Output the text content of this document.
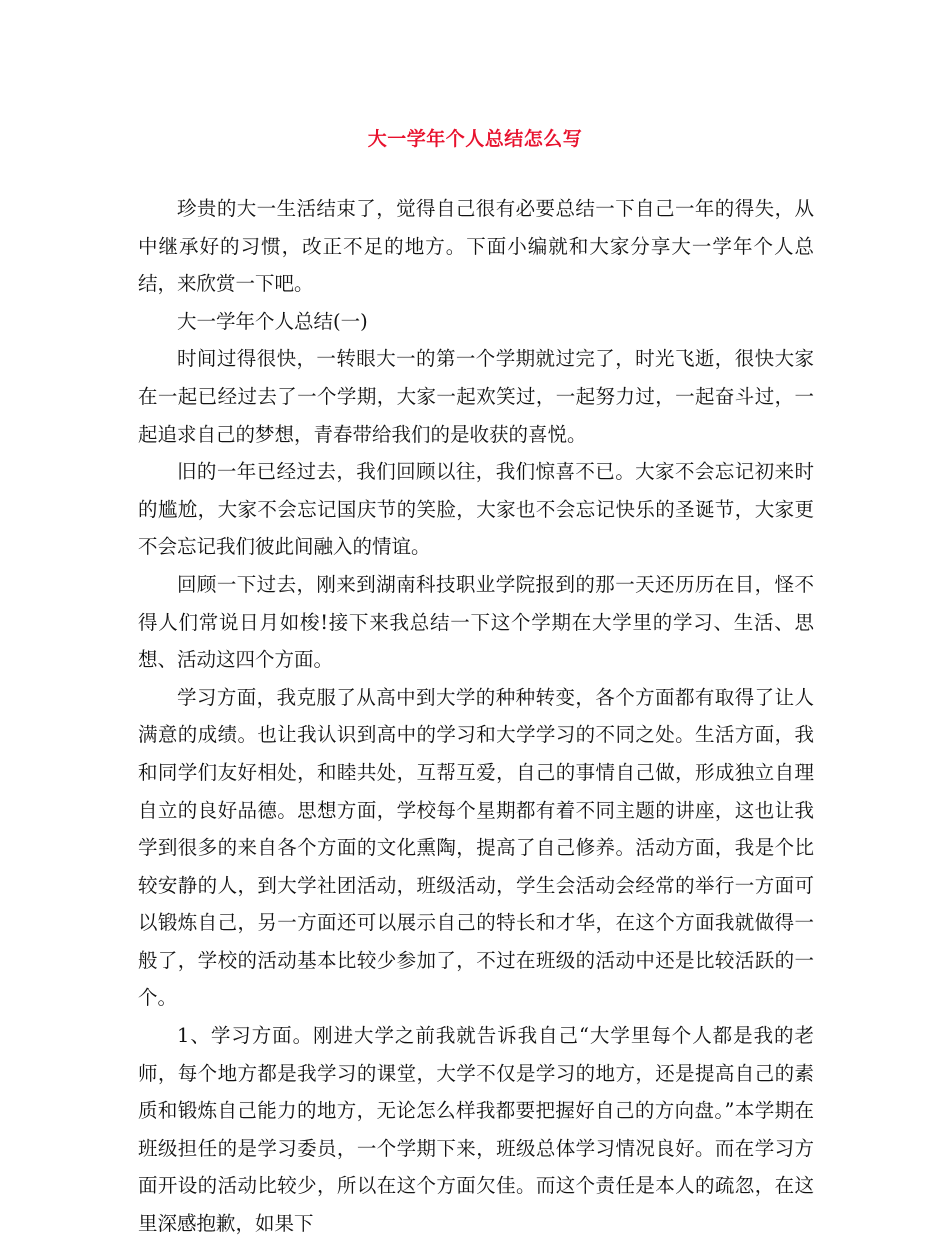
大一学年个人总结怎么写

珍贵的大一生活结束了，觉得自己很有必要总结一下自己一年的得失，从中继承好的习惯，改正不足的地方。下面小编就和大家分享大一学年个人总结，来欣赏一下吧。

大一学年个人总结(一)

时间过得很快，一转眼大一的第一个学期就过完了，时光飞逝，很快大家在一起已经过去了一个学期，大家一起欢笑过，一起努力过，一起奋斗过，一起追求自己的梦想，青春带给我们的是收获的喜悦。

旧的一年已经过去，我们回顾以往，我们惊喜不已。大家不会忘记初来时的尴尬，大家不会忘记国庆节的笑脸，大家也不会忘记快乐的圣诞节，大家更不会忘记我们彼此间融入的情谊。

回顾一下过去，刚来到湖南科技职业学院报到的那一天还历历在目，怪不得人们常说日月如梭!接下来我总结一下这个学期在大学里的学习、生活、思想、活动这四个方面。

学习方面，我克服了从高中到大学的种种转变，各个方面都有取得了让人满意的成绩。也让我认识到高中的学习和大学学习的不同之处。生活方面，我和同学们友好相处，和睦共处，互帮互爱，自己的事情自己做，形成独立自理自立的良好品德。思想方面，学校每个星期都有着不同主题的讲座，这也让我学到很多的来自各个方面的文化熏陶，提高了自己修养。活动方面，我是个比较安静的人，到大学社团活动，班级活动，学生会活动会经常的举行一方面可以锻炼自己，另一方面还可以展示自己的特长和才华，在这个方面我就做得一般了，学校的活动基本比较少参加了，不过在班级的活动中还是比较活跃的一个。

1、学习方面。刚进大学之前我就告诉我自己“大学里每个人都是我的老师，每个地方都是我学习的课堂，大学不仅是学习的地方，还是提高自己的素质和锻炼自己能力的地方，无论怎么样我都要把握好自己的方向盘。”本学期在班级担任的是学习委员，一个学期下来，班级总体学习情况良好。而在学习方面开设的活动比较少，所以在这个方面欠佳。而这个责任是本人的疏忽，在这里深感抱歉，如果下
